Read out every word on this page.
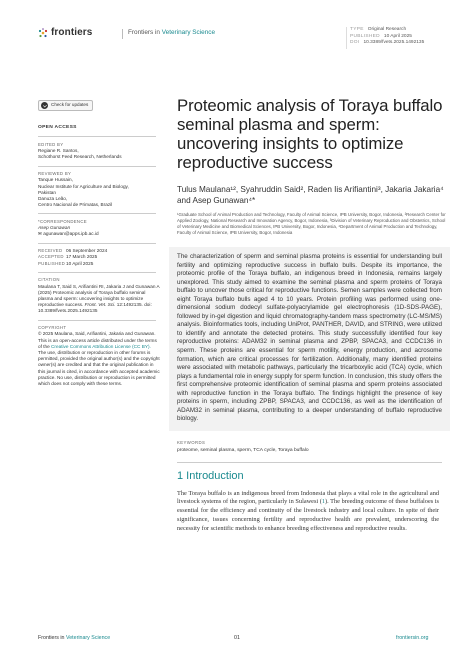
frontiers	Frontiers in Veterinary Science	TYPE Original Research
PUBLISHED 10 April 2025
DOI 10.3389/fvets.2025.1492135
Check for updates
OPEN ACCESS
EDITED BY
Regiane R. Santos,
Schothorst Feed Research, Netherlands
REVIEWED BY
Tanque Hussain,
Nuclear Institute for Agriculture and Biology,
Pakistan
Danuza Leão,
Centro Nacional de Primatas, Brazil
*CORRESPONDENCE
Asep Gunawan
✉ agunawan@apps.ipb.ac.id
RECEIVED 06 September 2024
ACCEPTED 17 March 2025
PUBLISHED10 April 2025
CITATION
Maulana T, Said S, Arifiantini RI, Jakaria J and Gunawan A (2025) Proteomic analysis of Toraya buffalo seminal plasma and sperm: uncovering insights to optimize reproductive success. Front. Vet. Sci. 12:1492135. doi: 10.3389/fvets.2025.1492135
COPYRIGHT
© 2025 Maulana, Said, Arifiantini, Jakaria and Gunawan. This is an open-access article distributed under the terms of the Creative Commons Attribution License (CC BY). The use, distribution or reproduction in other forums is permitted, provided the original author(s) and the copyright owner(s) are credited and that the original publication in this journal is cited, in accordance with accepted academic practice. No use, distribution or reproduction is permitted which does not comply with these terms.
Proteomic analysis of Toraya buffalo seminal plasma and sperm: uncovering insights to optimize reproductive success
Tulus Maulana¹², Syahruddin Said², Raden Iis Arifiantini³, Jakaria Jakaria⁴ and Asep Gunawan⁴*
¹Graduate School of Animal Production and Technology, Faculty of Animal Science, IPB University, Bogor, Indonesia, ²Research Center for Applied Zoology, National Research and Innovation Agency, Bogor, Indonesia, ³Division of Veterinary Reproduction and Obstetrics, School of Veterinary Medicine and Biomedical Sciences, IPB University, Bogor, Indonesia, ⁴Department of Animal Production and Technology, Faculty of Animal Science, IPB University, Bogor, Indonesia
The characterization of sperm and seminal plasma proteins is essential for understanding bull fertility and optimizing reproductive success in buffalo bulls. Despite its importance, the proteomic profile of the Toraya buffalo, an indigenous breed in Indonesia, remains largely unexplored. This study aimed to examine the seminal plasma and sperm proteins of Toraya buffalo to uncover those critical for reproductive functions. Semen samples were collected from eight Toraya buffalo bulls aged 4 to 10 years. Protein profiling was performed using one-dimensional sodium dodecyl sulfate-polyacrylamide gel electrophoresis (1D-SDS-PAGE), followed by in-gel digestion and liquid chromatography-tandem mass spectrometry (LC-MS/MS) analysis. Bioinformatics tools, including UniProt, PANTHER, DAVID, and STRING, were utilized to identify and annotate the detected proteins. This study successfully identified four key reproductive proteins: ADAM32 in seminal plasma and ZPBP, SPACA3, and CCDC136 in sperm. These proteins are essential for sperm motility, energy production, and acrosome formation, which are critical processes for fertilization. Additionally, many identified proteins were associated with metabolic pathways, particularly the tricarboxylic acid (TCA) cycle, which plays a fundamental role in energy supply for sperm function. In conclusion, this study offers the first comprehensive proteomic identification of seminal plasma and sperm proteins associated with reproductive function in the Toraya buffalo. The findings highlight the presence of key proteins in sperm, including ZPBP, SPACA3, and CCDC136, as well as the identification of ADAM32 in seminal plasma, contributing to a deeper understanding of buffalo reproductive biology.
KEYWORDS
proteome, seminal plasma, sperm, TCA cycle, Toraya buffalo
1 Introduction
The Toraya buffalo is an indigenous breed from Indonesia that plays a vital role in the agricultural and livestock systems of the region, particularly in Sulawesi (1). The breeding outcome of these buffaloes is essential for the efficiency and continuity of the livestock industry and local culture. In spite of their significance, issues concerning fertility and reproductive health are prevalent, underscoring the necessity for scientific methods to enhance breeding effectiveness and reproductive results.
Frontiers in Veterinary Science	01	frontiersin.org
